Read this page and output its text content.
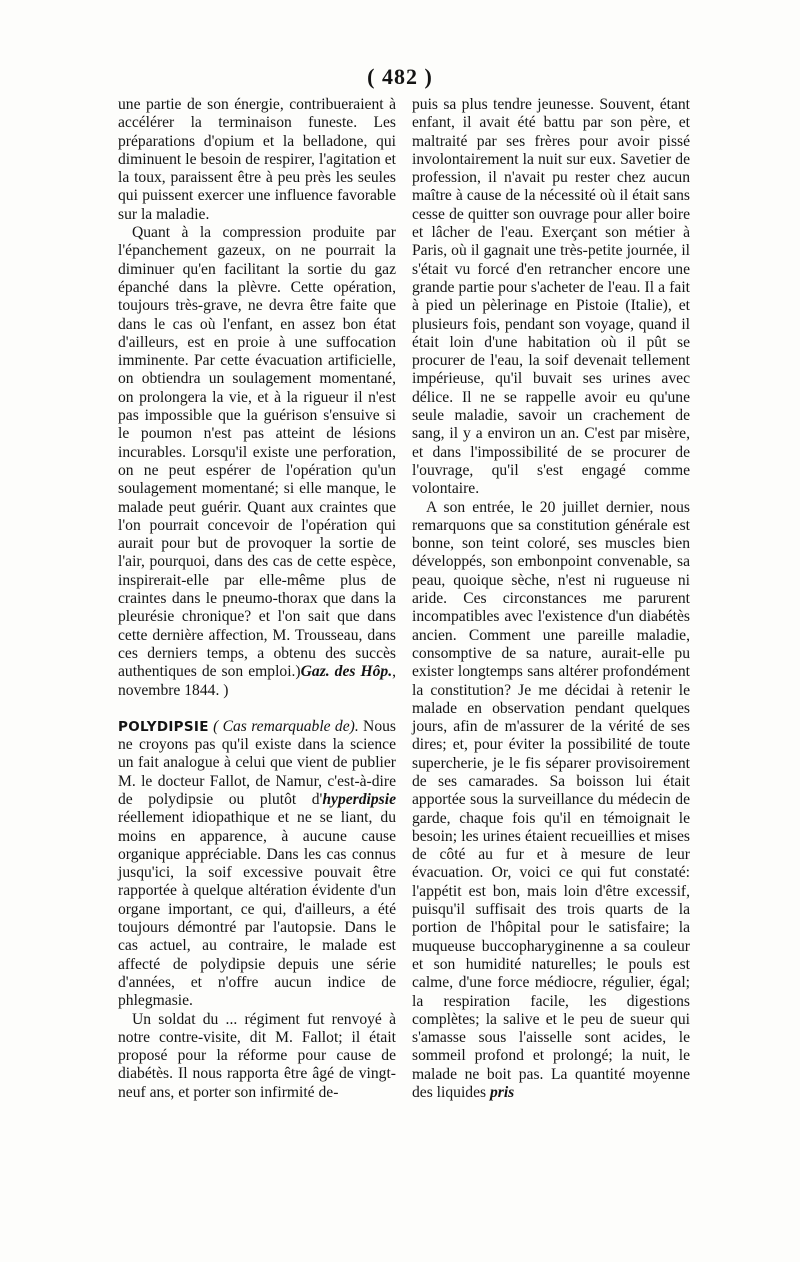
( 482 )

une partie de son énergie, contribueraient à accélérer la terminaison funeste. Les préparations d'opium et la belladone, qui diminuent le besoin de respirer, l'agitation et la toux, paraissent être à peu près les seules qui puissent exercer une influence favorable sur la maladie.

Quant à la compression produite par l'épanchement gazeux, on ne pourrait la diminuer qu'en facilitant la sortie du gaz épanché dans la plèvre. Cette opération, toujours très-grave, ne devra être faite que dans le cas où l'enfant, en assez bon état d'ailleurs, est en proie à une suffocation imminente. Par cette évacuation artificielle, on obtiendra un soulagement momentané, on prolongera la vie, et à la rigueur il n'est pas impossible que la guérison s'ensuive si le poumon n'est pas atteint de lésions incurables. Lorsqu'il existe une perforation, on ne peut espérer de l'opération qu'un soulagement momentané; si elle manque, le malade peut guérir. Quant aux craintes que l'on pourrait concevoir de l'opération qui aurait pour but de provoquer la sortie de l'air, pourquoi, dans des cas de cette espèce, inspirerait-elle par elle-même plus de craintes dans le pneumo-thorax que dans la pleurésie chronique? et l'on sait que dans cette dernière affection, M. Trousseau, dans ces derniers temps, a obtenu des succès authentiques de son emploi.)Gaz. des Hôp., novembre 1844. )

POLYDIPSIE ( Cas remarquable de). Nous ne croyons pas qu'il existe dans la science un fait analogue à celui que vient de publier M. le docteur Fallot, de Namur, c'est-à-dire de polydipsie ou plutôt d'hyperdipsie réellement idiopathique et ne se liant, du moins en apparence, à aucune cause organique appréciable. Dans les cas connus jusqu'ici, la soif excessive pouvait être rapportée à quelque altération évidente d'un organe important, ce qui, d'ailleurs, a été toujours démontré par l'autopsie. Dans le cas actuel, au contraire, le malade est affecté de polydipsie depuis une série d'années, et n'offre aucun indice de phlegmasie.

Un soldat du ... régiment fut renvoyé à notre contre-visite, dit M. Fallot; il était proposé pour la réforme pour cause de diabétès. Il nous rapporta être âgé de vingt-neuf ans, et porter son infirmité de-

puis sa plus tendre jeunesse. Souvent, étant enfant, il avait été battu par son père, et maltraité par ses frères pour avoir pissé involontairement la nuit sur eux. Savetier de profession, il n'avait pu rester chez aucun maître à cause de la nécessité où il était sans cesse de quitter son ouvrage pour aller boire et lâcher de l'eau. Exerçant son métier à Paris, où il gagnait une très-petite journée, il s'était vu forcé d'en retrancher encore une grande partie pour s'acheter de l'eau. Il a fait à pied un pèlerinage en Pistoie (Italie), et plusieurs fois, pendant son voyage, quand il était loin d'une habitation où il pût se procurer de l'eau, la soif devenait tellement impérieuse, qu'il buvait ses urines avec délice. Il ne se rappelle avoir eu qu'une seule maladie, savoir un crachement de sang, il y a environ un an. C'est par misère, et dans l'impossibilité de se procurer de l'ouvrage, qu'il s'est engagé comme volontaire.

A son entrée, le 20 juillet dernier, nous remarquons que sa constitution générale est bonne, son teint coloré, ses muscles bien développés, son embonpoint convenable, sa peau, quoique sèche, n'est ni rugueuse ni aride. Ces circonstances me parurent incompatibles avec l'existence d'un diabétès ancien. Comment une pareille maladie, consomptive de sa nature, aurait-elle pu exister longtemps sans altérer profondément la constitution? Je me décidai à retenir le malade en observation pendant quelques jours, afin de m'assurer de la vérité de ses dires; et, pour éviter la possibilité de toute supercherie, je le fis séparer provisoirement de ses camarades. Sa boisson lui était apportée sous la surveillance du médecin de garde, chaque fois qu'il en témoignait le besoin; les urines étaient recueillies et mises de côté au fur et à mesure de leur évacuation. Or, voici ce qui fut constaté: l'appétit est bon, mais loin d'être excessif, puisqu'il suffisait des trois quarts de la portion de l'hôpital pour le satisfaire; la muqueuse buccopharyginenne a sa couleur et son humidité naturelles; le pouls est calme, d'une force médiocre, régulier, égal; la respiration facile, les digestions complètes; la salive et le peu de sueur qui s'amasse sous l'aisselle sont acides, le sommeil profond et prolongé; la nuit, le malade ne boit pas. La quantité moyenne des liquides pris
